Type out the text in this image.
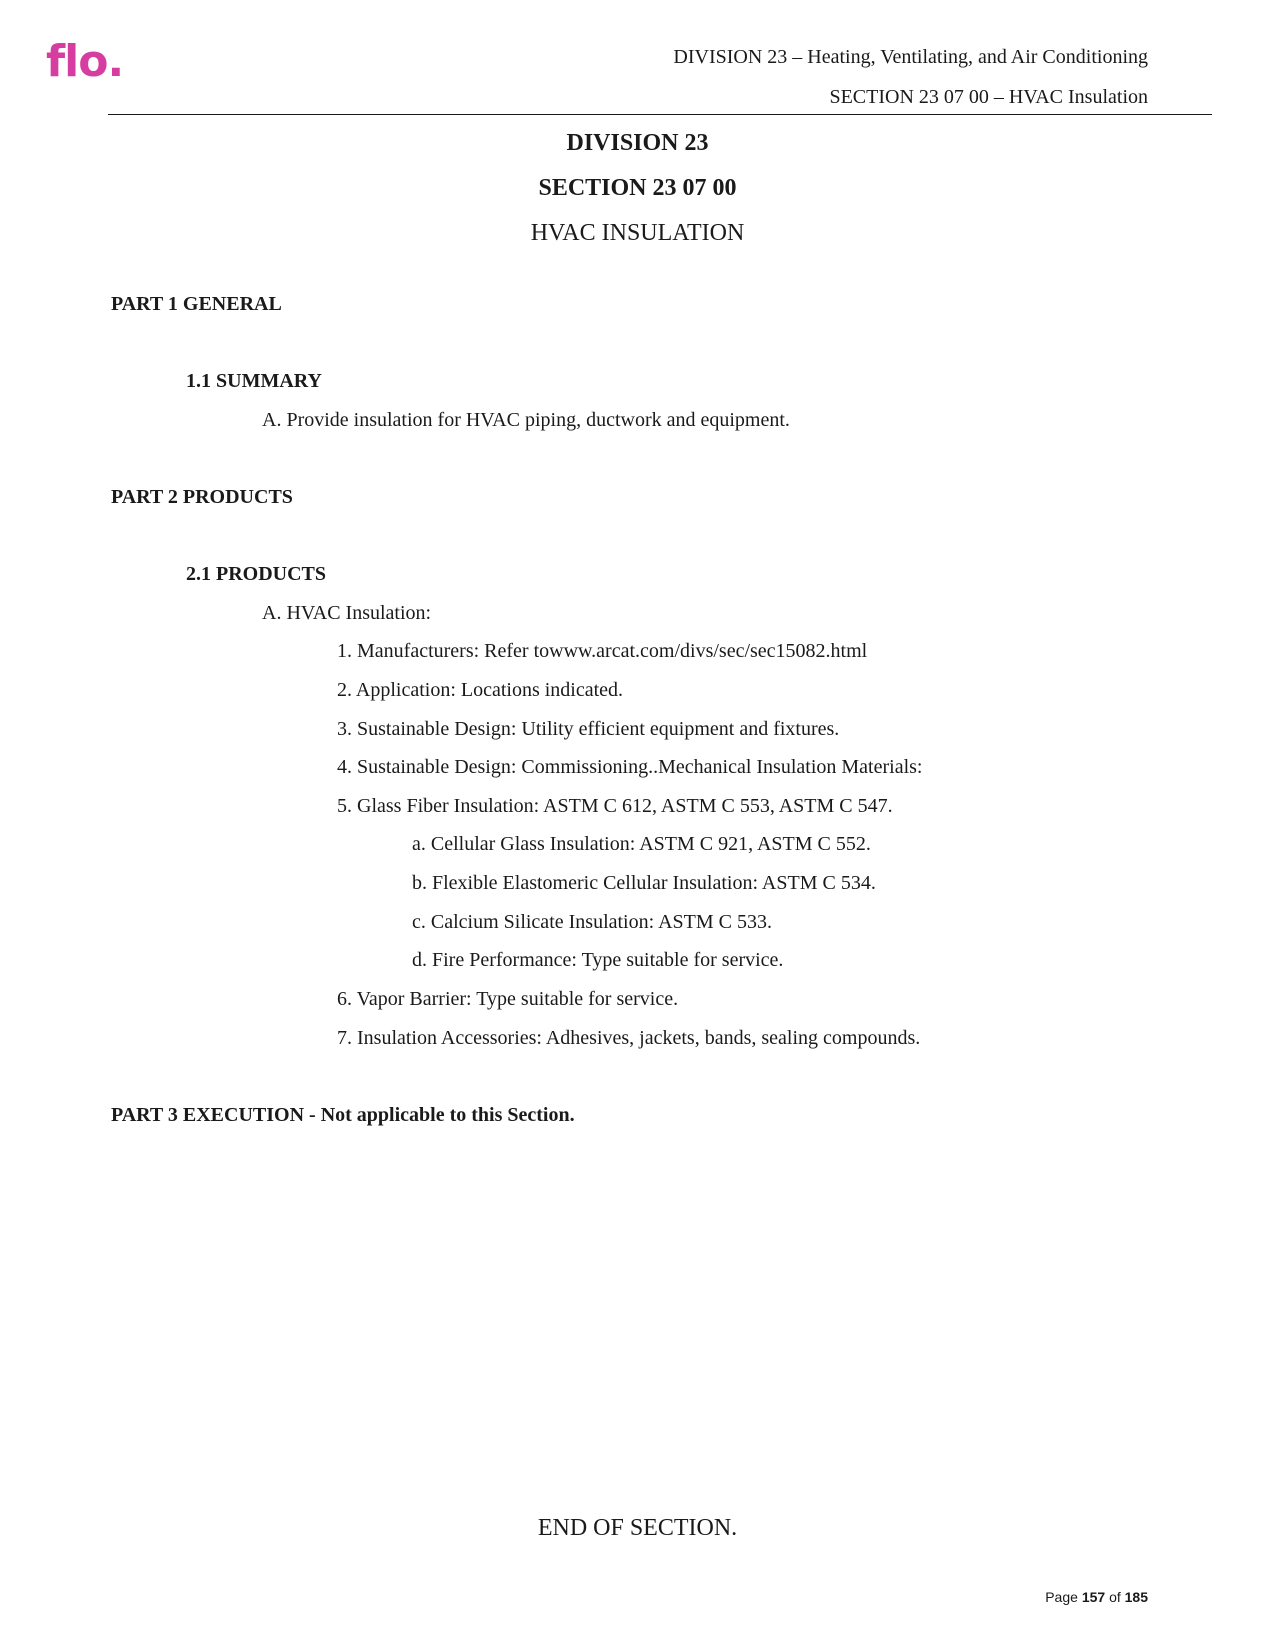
flo.	DIVISION 23 – Heating, Ventilating, and Air Conditioning
SECTION 23 07 00 – HVAC Insulation
DIVISION 23
SECTION 23 07 00
HVAC INSULATION
PART 1 GENERAL
1.1 SUMMARY
A. Provide insulation for HVAC piping, ductwork and equipment.
PART 2 PRODUCTS
2.1 PRODUCTS
A. HVAC Insulation:
1. Manufacturers: Refer towww.arcat.com/divs/sec/sec15082.html
2. Application: Locations indicated.
3. Sustainable Design: Utility efficient equipment and fixtures.
4. Sustainable Design: Commissioning..Mechanical Insulation Materials:
5. Glass Fiber Insulation: ASTM C 612, ASTM C 553, ASTM C 547.
a. Cellular Glass Insulation: ASTM C 921, ASTM C 552.
b. Flexible Elastomeric Cellular Insulation: ASTM C 534.
c. Calcium Silicate Insulation: ASTM C 533.
d. Fire Performance: Type suitable for service.
6. Vapor Barrier: Type suitable for service.
7. Insulation Accessories: Adhesives, jackets, bands, sealing compounds.
PART 3 EXECUTION - Not applicable to this Section.
END OF SECTION.
Page 157 of 185
